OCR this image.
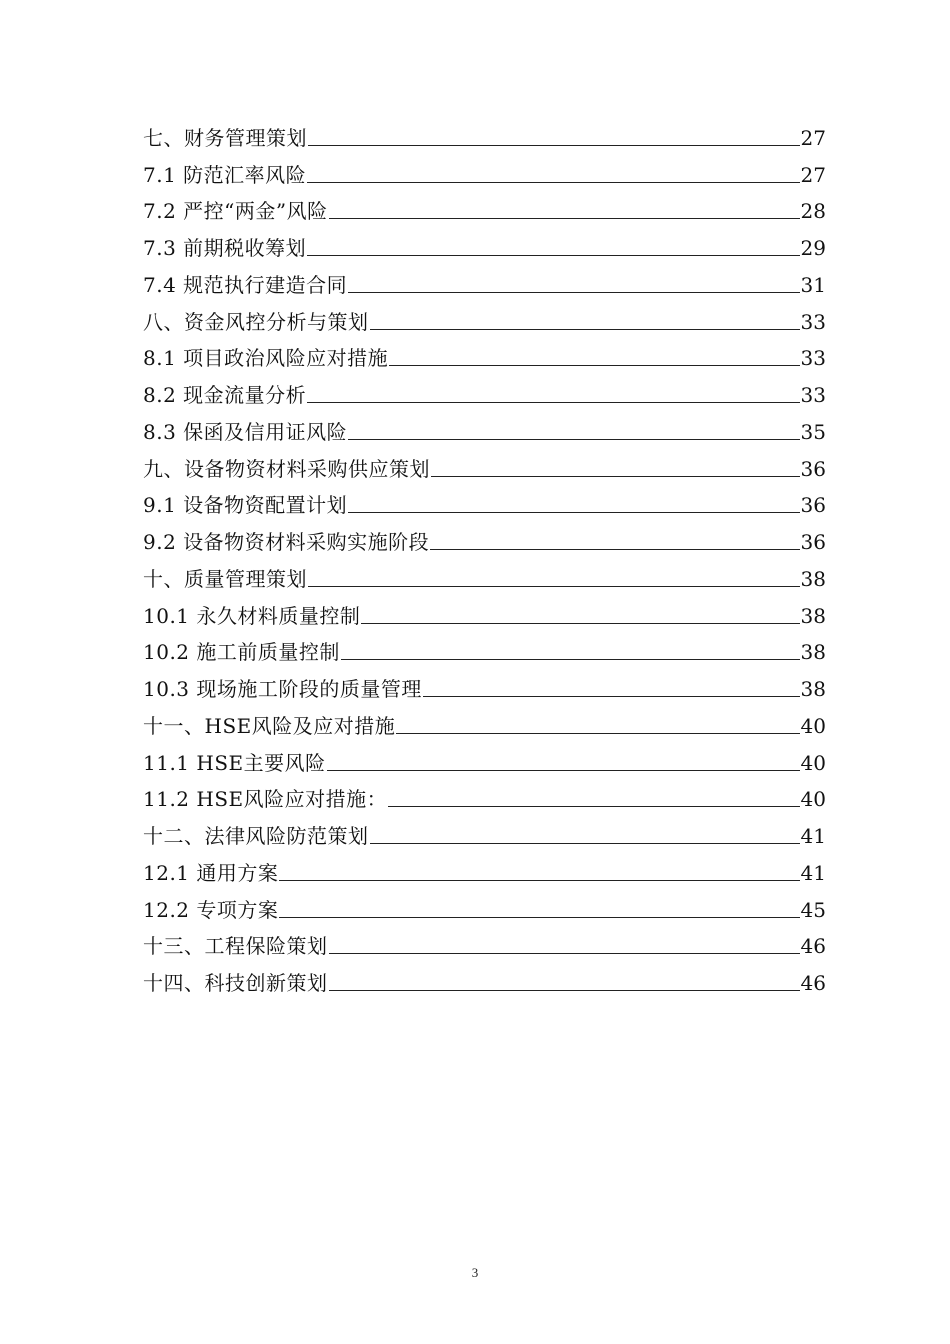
七、财务管理策划	27
7.1 防范汇率风险	27
7.2 严控“两金”风险	28
7.3 前期税收筹划	29
7.4 规范执行建造合同	31
八、资金风控分析与策划	33
8.1 项目政治风险应对措施	33
8.2 现金流量分析	33
8.3 保函及信用证风险	35
九、设备物资材料采购供应策划	36
9.1 设备物资配置计划	36
9.2 设备物资材料采购实施阶段	36
十、质量管理策划	38
10.1 永久材料质量控制	38
10.2 施工前质量控制	38
10.3 现场施工阶段的质量管理	38
十一、HSE风险及应对措施	40
11.1 HSE主要风险	40
11.2 HSE风险应对措施：	40
十二、法律风险防范策划	41
12.1 通用方案	41
12.2 专项方案	45
十三、工程保险策划	46
十四、科技创新策划	46
3
